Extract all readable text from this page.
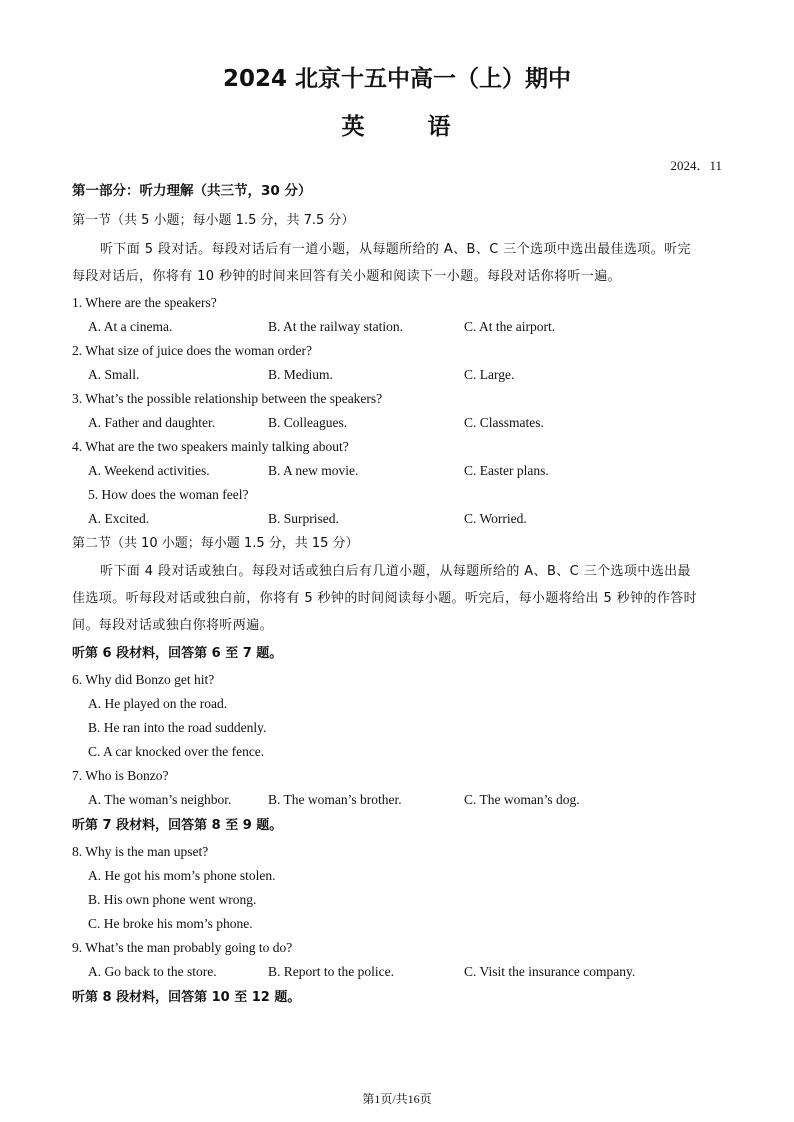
2024 北京十五中高一（上）期中
英	语
2024．11
第一部分：听力理解（共三节，30 分）
第一节（共 5 小题；每小题 1.5 分，共 7.5 分）
听下面 5 段对话。每段对话后有一道小题，从每题所给的 A、B、C 三个选项中选出最佳选项。听完
每段对话后，你将有 10 秒钟的时间来回答有关小题和阅读下一小题。每段对话你将听一遍。
1. Where are the speakers?
A. At a cinema.	B. At the railway station.	C. At the airport.
2. What size of juice does the woman order?
A. Small.	B. Medium.	C. Large.
3. What’s the possible relationship between the speakers?
A. Father and daughter.	B. Colleagues.	C. Classmates.
4. What are the two speakers mainly talking about?
A. Weekend activities.	B. A new movie.	C. Easter plans.
5. How does the woman feel?
A. Excited.	B. Surprised.	C. Worried.
第二节（共 10 小题；每小题 1.5 分，共 15 分）
听下面 4 段对话或独白。每段对话或独白后有几道小题，从每题所给的 A、B、C 三个选项中选出最
佳选项。听每段对话或独白前，你将有 5 秒钟的时间阅读每小题。听完后，每小题将给出 5 秒钟的作答时
间。每段对话或独白你将听两遍。
听第 6 段材料，回答第 6 至 7 题。
6. Why did Bonzo get hit?
A. He played on the road.
B. He ran into the road suddenly.
C. A car knocked over the fence.
7. Who is Bonzo?
A. The woman’s neighbor.	B. The woman’s brother.	C. The woman’s dog.
听第 7 段材料，回答第 8 至 9 题。
8. Why is the man upset?
A. He got his mom’s phone stolen.
B. His own phone went wrong.
C. He broke his mom’s phone.
9. What’s the man probably going to do?
A. Go back to the store.	B. Report to the police.	C. Visit the insurance company.
听第 8 段材料，回答第 10 至 12 题。
第1页/共16页
